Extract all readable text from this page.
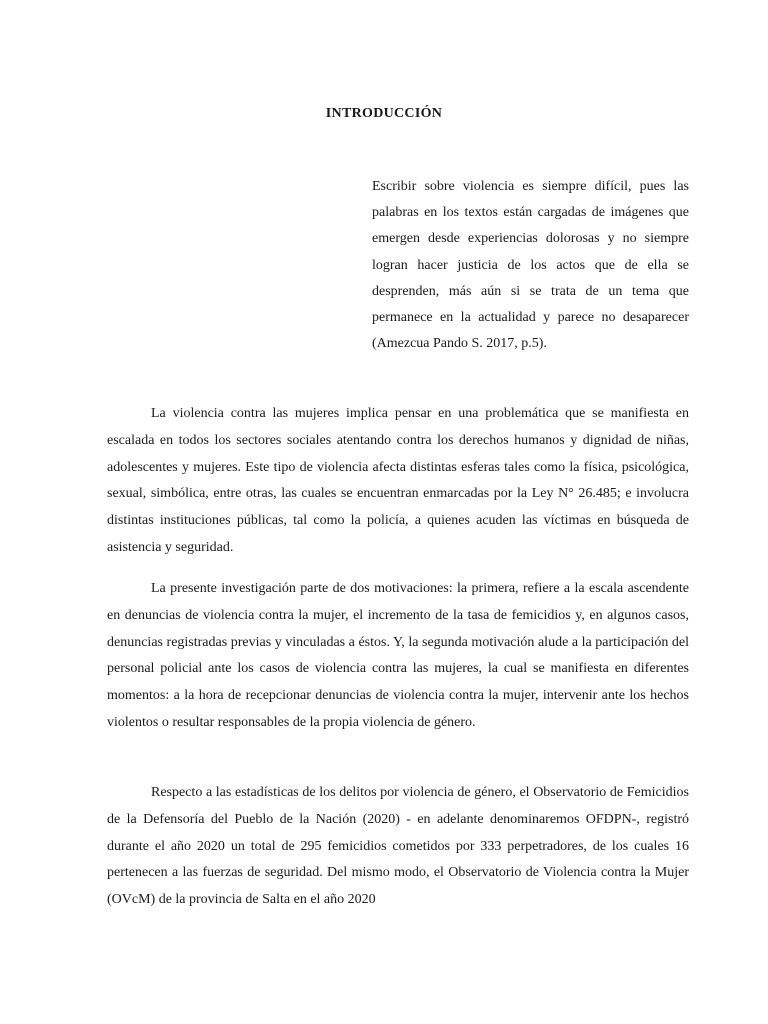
INTRODUCCIÓN
Escribir sobre violencia es siempre difícil, pues las palabras en los textos están cargadas de imágenes que emergen desde experiencias dolorosas y no siempre logran hacer justicia de los actos que de ella se desprenden, más aún si se trata de un tema que permanece en la actualidad y parece no desaparecer (Amezcua Pando S. 2017, p.5).

La violencia contra las mujeres implica pensar en una problemática que se manifiesta en escalada en todos los sectores sociales atentando contra los derechos humanos y dignidad de niñas, adolescentes y mujeres. Este tipo de violencia afecta distintas esferas tales como la física, psicológica, sexual, simbólica, entre otras, las cuales se encuentran enmarcadas por la Ley N° 26.485; e involucra distintas instituciones públicas, tal como la policía, a quienes acuden las víctimas en búsqueda de asistencia y seguridad.

La presente investigación parte de dos motivaciones: la primera, refiere a la escala ascendente en denuncias de violencia contra la mujer, el incremento de la tasa de femicidios y, en algunos casos, denuncias registradas previas y vinculadas a éstos. Y, la segunda motivación alude a la participación del personal policial ante los casos de violencia contra las mujeres, la cual se manifiesta en diferentes momentos: a la hora de recepcionar denuncias de violencia contra la mujer, intervenir ante los hechos violentos o resultar responsables de la propia violencia de género.

Respecto a las estadísticas de los delitos por violencia de género, el Observatorio de Femicidios de la Defensoría del Pueblo de la Nación (2020) - en adelante denominaremos OFDPN-, registró durante el año 2020 un total de 295 femicidios cometidos por 333 perpetradores, de los cuales 16 pertenecen a las fuerzas de seguridad. Del mismo modo, el Observatorio de Violencia contra la Mujer (OVcM) de la provincia de Salta en el año 2020
